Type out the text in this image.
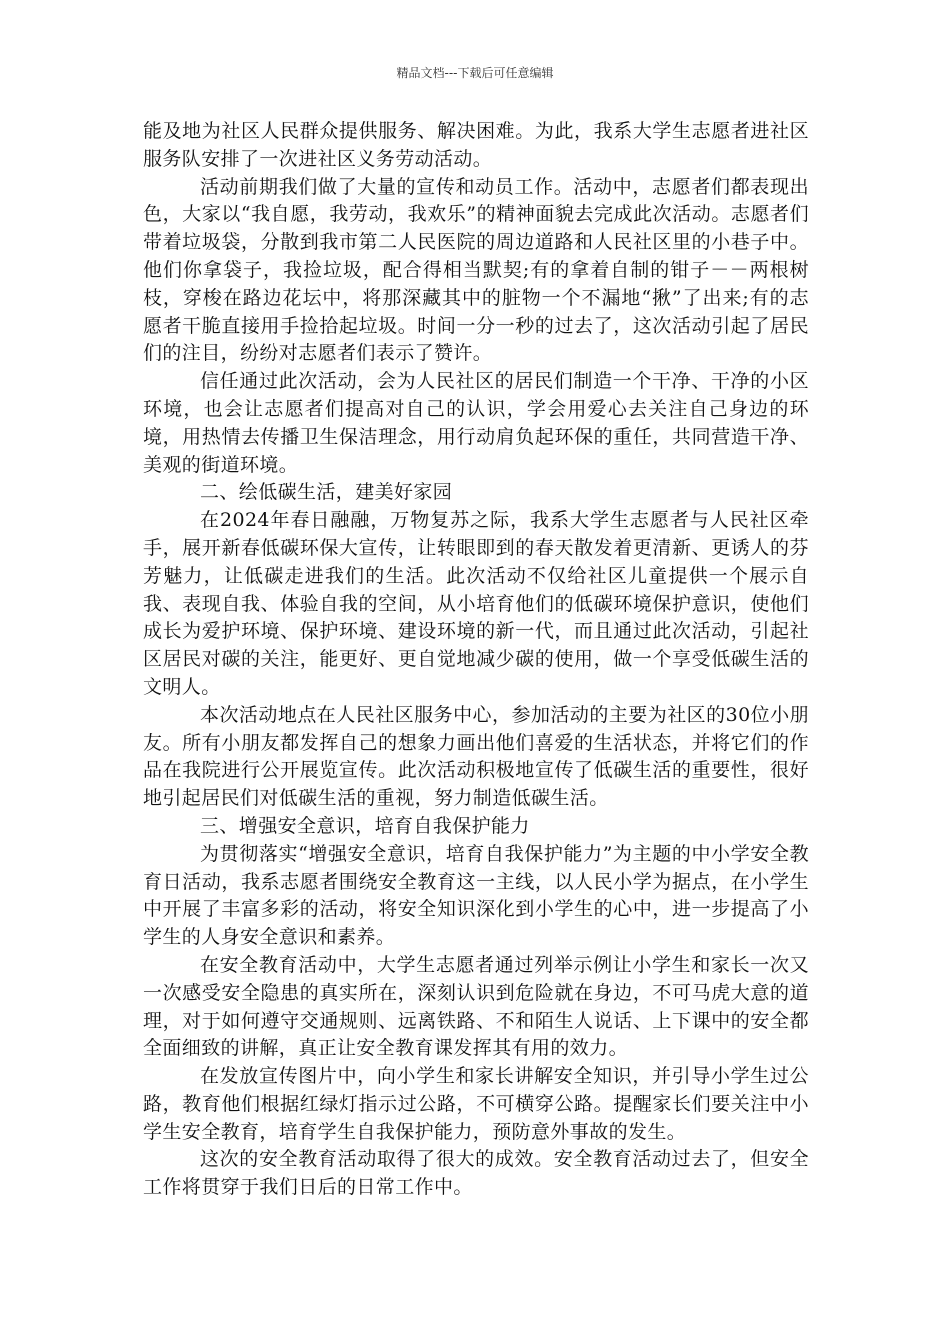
精品文档---下载后可任意编辑

能及地为社区人民群众提供服务、解决困难。为此，我系大学生志愿者进社区服务队安排了一次进社区义务劳动活动。

活动前期我们做了大量的宣传和动员工作。活动中，志愿者们都表现出色，大家以“我自愿，我劳动，我欢乐”的精神面貌去完成此次活动。志愿者们带着垃圾袋，分散到我市第二人民医院的周边道路和人民社区里的小巷子中。他们你拿袋子，我捡垃圾，配合得相当默契;有的拿着自制的钳子－－两根树枝，穿梭在路边花坛中，将那深藏其中的脏物一个不漏地“揪”了出来;有的志愿者干脆直接用手捡拾起垃圾。时间一分一秒的过去了，这次活动引起了居民们的注目，纷纷对志愿者们表示了赞许。

信任通过此次活动，会为人民社区的居民们制造一个干净、干净的小区环境，也会让志愿者们提高对自己的认识，学会用爱心去关注自己身边的环境，用热情去传播卫生保洁理念，用行动肩负起环保的重任，共同营造干净、美观的街道环境。

二、绘低碳生活，建美好家园

在2024年春日融融，万物复苏之际，我系大学生志愿者与人民社区牵手，展开新春低碳环保大宣传，让转眼即到的春天散发着更清新、更诱人的芬芳魅力，让低碳走进我们的生活。此次活动不仅给社区儿童提供一个展示自我、表现自我、体验自我的空间，从小培育他们的低碳环境保护意识，使他们成长为爱护环境、保护环境、建设环境的新一代，而且通过此次活动，引起社区居民对碳的关注，能更好、更自觉地减少碳的使用，做一个享受低碳生活的文明人。

本次活动地点在人民社区服务中心，参加活动的主要为社区的30位小朋友。所有小朋友都发挥自己的想象力画出他们喜爱的生活状态，并将它们的作品在我院进行公开展览宣传。此次活动积极地宣传了低碳生活的重要性，很好地引起居民们对低碳生活的重视，努力制造低碳生活。

三、增强安全意识，培育自我保护能力

为贯彻落实“增强安全意识，培育自我保护能力”为主题的中小学安全教育日活动，我系志愿者围绕安全教育这一主线，以人民小学为据点，在小学生中开展了丰富多彩的活动，将安全知识深化到小学生的心中，进一步提高了小学生的人身安全意识和素养。

在安全教育活动中，大学生志愿者通过列举示例让小学生和家长一次又一次感受安全隐患的真实所在，深刻认识到危险就在身边，不可马虎大意的道理，对于如何遵守交通规则、远离铁路、不和陌生人说话、上下课中的安全都全面细致的讲解，真正让安全教育课发挥其有用的效力。

在发放宣传图片中，向小学生和家长讲解安全知识，并引导小学生过公路，教育他们根据红绿灯指示过公路，不可横穿公路。提醒家长们要关注中小学生安全教育，培育学生自我保护能力，预防意外事故的发生。

这次的安全教育活动取得了很大的成效。安全教育活动过去了，但安全工作将贯穿于我们日后的日常工作中。
